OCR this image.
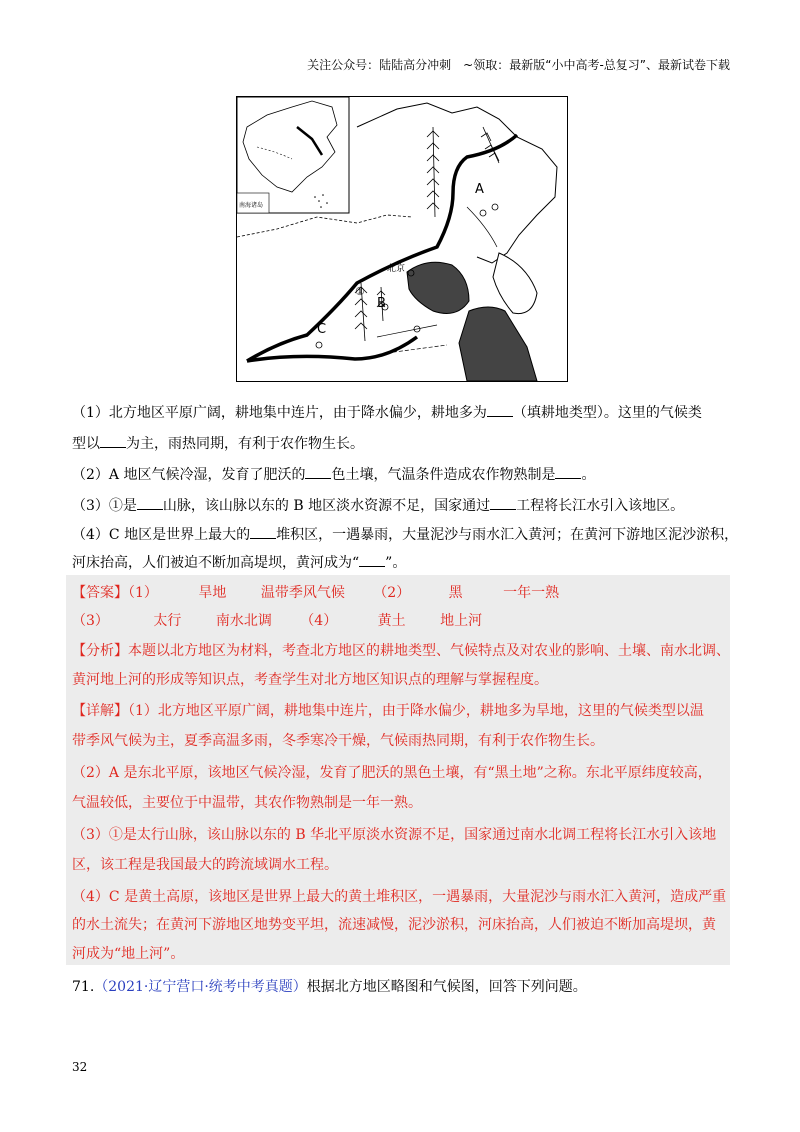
关注公众号：陆陆高分冲刺　~领取：最新版“小中高考-总复习”、最新试卷下载
南海诸岛
A
B
C
①
北京
（1）北方地区平原广阔，耕地集中连片，由于降水偏少，耕地多为 （填耕地类型）。这里的气候类
型以 为主，雨热同期，有利于农作物生长。
（2）A 地区气候冷湿，发育了肥沃的 色土壤，气温条件造成农作物熟制是 。
（3）①是 山脉，该山脉以东的 B 地区淡水资源不足，国家通过 工程将长江水引入该地区。
（4）C 地区是世界上最大的 堆积区，一遇暴雨，大量泥沙与雨水汇入黄河；在黄河下游地区泥沙淤积，
河床抬高，人们被迫不断加高堤坝，黄河成为“ ”。
【答案】（1）	旱地 温带季风气候 （2）	黑	一年一熟
（3）	太行 南水北调 （4）	黄土 地上河
【分析】本题以北方地区为材料，考查北方地区的耕地类型、气候特点及对农业的影响、土壤、南水北调、
黄河地上河的形成等知识点，考查学生对北方地区知识点的理解与掌握程度。
【详解】（1）北方地区平原广阔，耕地集中连片，由于降水偏少，耕地多为旱地，这里的气候类型以温
带季风气候为主，夏季高温多雨，冬季寒冷干燥，气候雨热同期，有利于农作物生长。
（2）A 是东北平原，该地区气候冷湿，发育了肥沃的黑色土壤，有“黑土地”之称。东北平原纬度较高，
气温较低，主要位于中温带，其农作物熟制是一年一熟。
（3）①是太行山脉，该山脉以东的 B 华北平原淡水资源不足，国家通过南水北调工程将长江水引入该地
区，该工程是我国最大的跨流域调水工程。
（4）C 是黄土高原，该地区是世界上最大的黄土堆积区，一遇暴雨，大量泥沙与雨水汇入黄河，造成严重
的水土流失；在黄河下游地区地势变平坦，流速减慢，泥沙淤积，河床抬高，人们被迫不断加高堤坝，黄
河成为“地上河”。
71.（2021·辽宁营口·统考中考真题）根据北方地区略图和气候图，回答下列问题。
32
